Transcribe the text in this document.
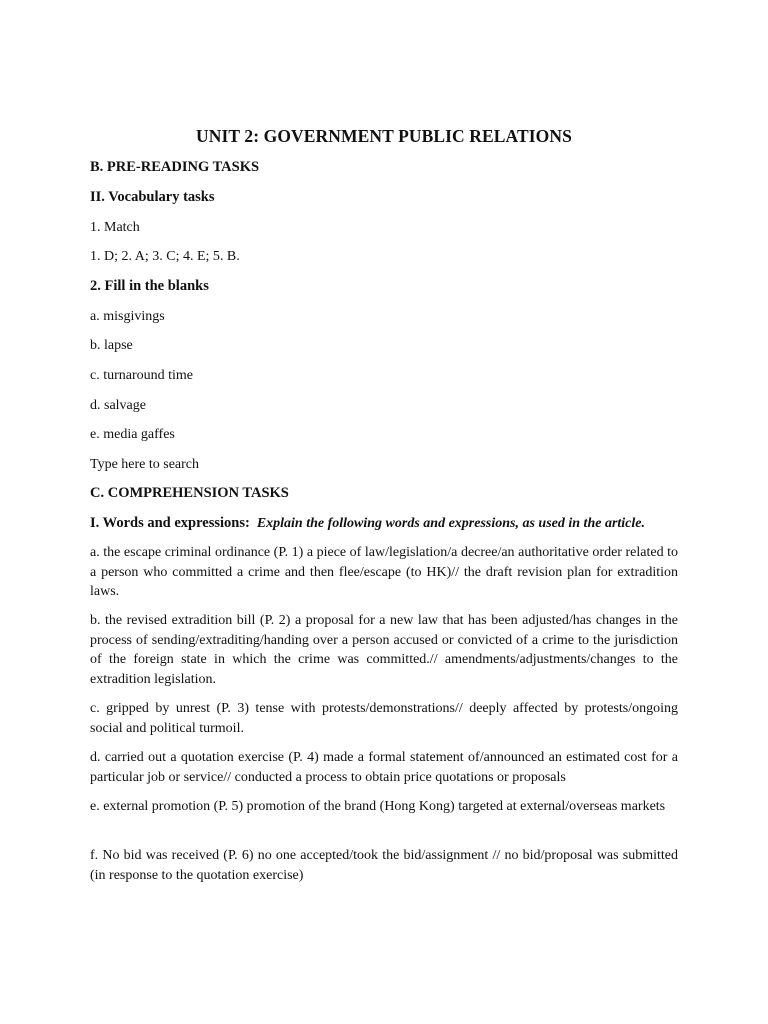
UNIT 2: GOVERNMENT PUBLIC RELATIONS
B. PRE-READING TASKS
II. Vocabulary tasks
1. Match
1. D; 2. A; 3. C; 4. E; 5. B.
2. Fill in the blanks
a. misgivings
b. lapse
c. turnaround time
d. salvage
e. media gaffes
Type here to search
C. COMPREHENSION TASKS
I. Words and expressions: Explain the following words and expressions, as used in the article.
a. the escape criminal ordinance (P. 1) a piece of law/legislation/a decree/an authoritative order related to a person who committed a crime and then flee/escape (to HK)// the draft revision plan for extradition laws.
b. the revised extradition bill (P. 2) a proposal for a new law that has been adjusted/has changes in the process of sending/extraditing/handing over a person accused or convicted of a crime to the jurisdiction of the foreign state in which the crime was committed.// amendments/adjustments/changes to the extradition legislation.
c. gripped by unrest (P. 3) tense with protests/demonstrations// deeply affected by protests/ongoing social and political turmoil.
d. carried out a quotation exercise (P. 4) made a formal statement of/announced an estimated cost for a particular job or service// conducted a process to obtain price quotations or proposals
e. external promotion (P. 5) promotion of the brand (Hong Kong) targeted at external/overseas markets
f. No bid was received (P. 6) no one accepted/took the bid/assignment // no bid/proposal was submitted (in response to the quotation exercise)
